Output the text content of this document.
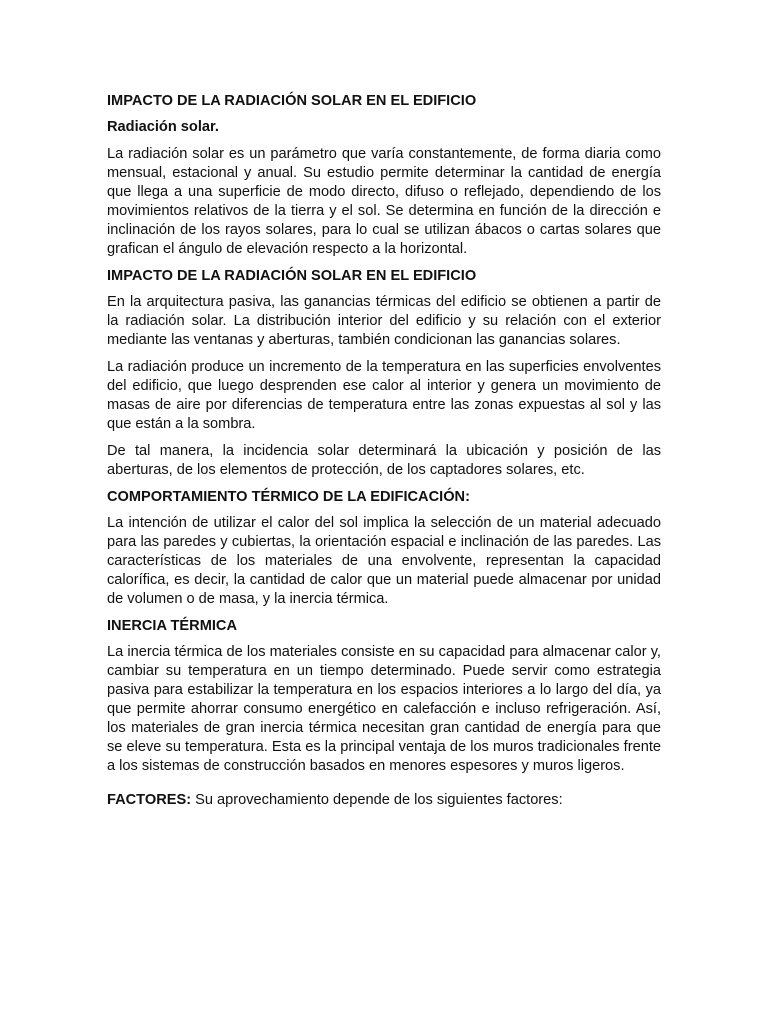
IMPACTO DE LA RADIACIÓN SOLAR EN EL EDIFICIO
Radiación solar.
La radiación solar es un parámetro que varía constantemente, de forma diaria como mensual, estacional y anual. Su estudio permite determinar la cantidad de energía que llega a una superficie de modo directo, difuso o reflejado, dependiendo de los movimientos relativos de la tierra y el sol. Se determina en función de la dirección e inclinación de los rayos solares, para lo cual se utilizan ábacos o cartas solares que grafican el ángulo de elevación respecto a la horizontal.
IMPACTO DE LA RADIACIÓN SOLAR EN EL EDIFICIO
En la arquitectura pasiva, las ganancias térmicas del edificio se obtienen a partir de la radiación solar. La distribución interior del edificio y su relación con el exterior mediante las ventanas y aberturas, también condicionan las ganancias solares.
La radiación produce un incremento de la temperatura en las superficies envolventes del edificio, que luego desprenden ese calor al interior y genera un movimiento de masas de aire por diferencias de temperatura entre las zonas expuestas al sol y las que están a la sombra.
De tal manera, la incidencia solar determinará la ubicación y posición de las aberturas, de los elementos de protección, de los captadores solares, etc.
COMPORTAMIENTO TÉRMICO DE LA EDIFICACIÓN:
La intención de utilizar el calor del sol implica la selección de un material adecuado para las paredes y cubiertas, la orientación espacial e inclinación de las paredes. Las características de los materiales de una envolvente, representan la capacidad calorífica, es decir, la cantidad de calor que un material puede almacenar por unidad de volumen o de masa, y la inercia térmica.
INERCIA TÉRMICA
La inercia térmica de los materiales consiste en su capacidad para almacenar calor y, cambiar su temperatura en un tiempo determinado. Puede servir como estrategia pasiva para estabilizar la temperatura en los espacios interiores a lo largo del día, ya que permite ahorrar consumo energético en calefacción e incluso refrigeración. Así, los materiales de gran inercia térmica necesitan gran cantidad de energía para que se eleve su temperatura. Esta es la principal ventaja de los muros tradicionales frente a los sistemas de construcción basados en menores espesores y muros ligeros.
FACTORES: Su aprovechamiento depende de los siguientes factores:
